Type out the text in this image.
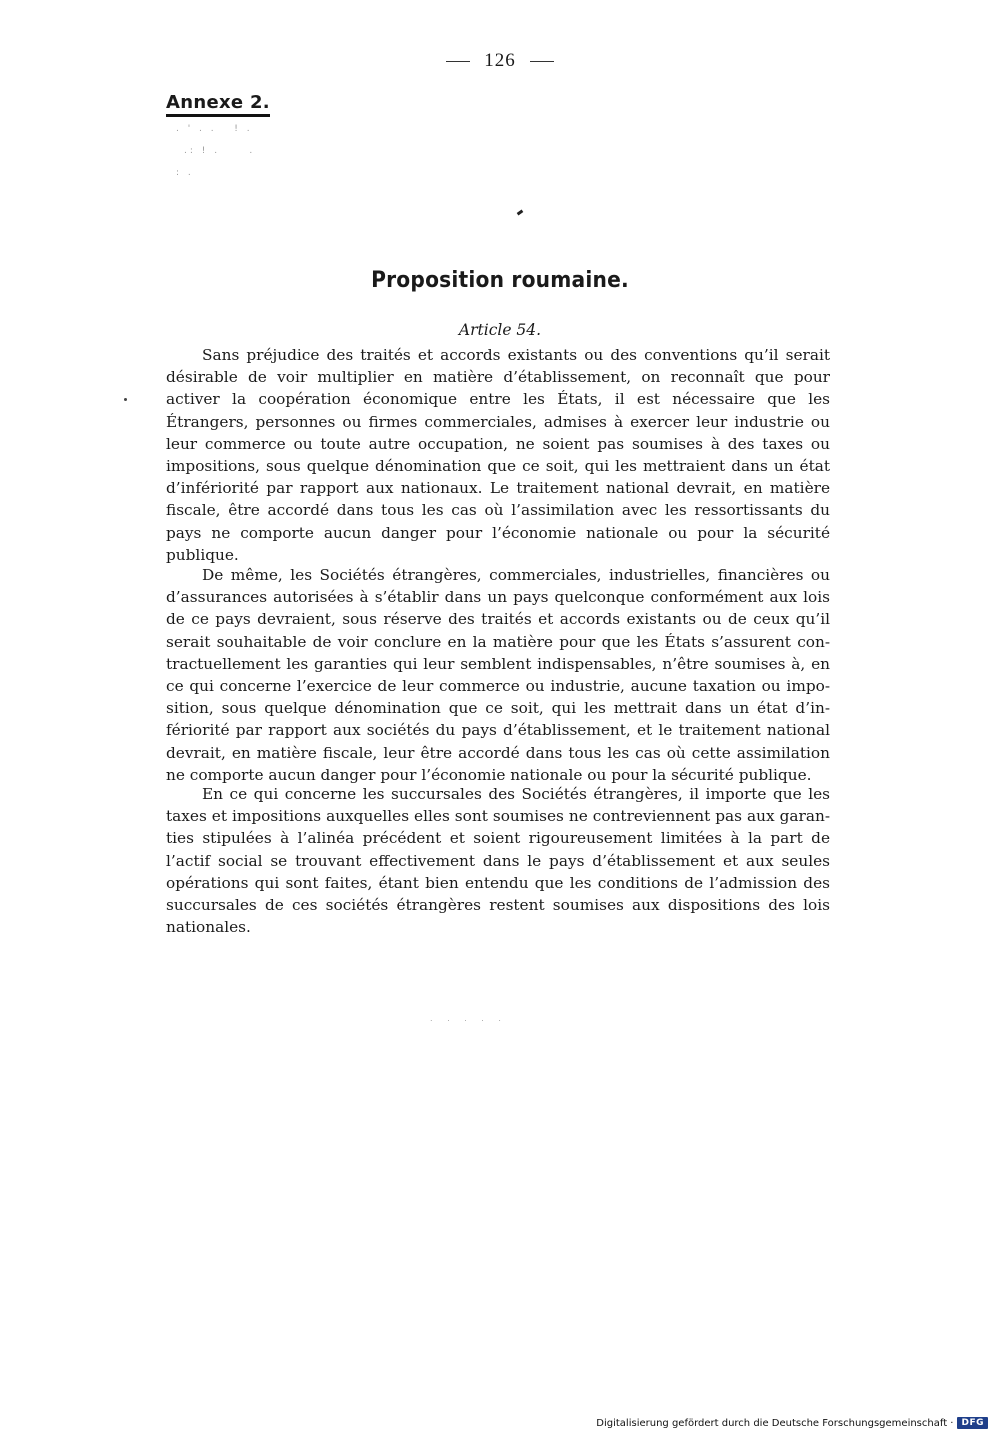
126
Annexe 2.
. ' . .   ! .
.: ! .     .
: .
Proposition roumaine.
Article 54.

Sans préjudice des traités et accords existants ou des conventions qu’il serait désirable de voir multiplier en matière d’établissement, on reconnaît que pour activer la coopération économique entre les États, il est nécessaire que les Étrangers, personnes ou firmes commerciales, admises à exercer leur industrie ou leur commerce ou toute autre occupation, ne soient pas soumises à des taxes ou impositions, sous quelque dénomination que ce soit, qui les mettraient dans un état d’infériorité par rapport aux nationaux. Le traitement national devrait, en matière fiscale, être accordé dans tous les cas où l’assimilation avec les ressortissants du pays ne comporte aucun danger pour l’économie nationale ou pour la sécurité publique.

De même, les Sociétés étrangères, commerciales, industrielles, financières ou d’assurances autorisées à s’établir dans un pays quelconque conformément aux lois de ce pays devraient, sous réserve des traités et accords existants ou de ceux qu’il serait souhaitable de voir conclure en la matière pour que les États s’assurent contractuellement les garanties qui leur semblent indispensables, n’être soumises à, en ce qui concerne l’exercice de leur commerce ou industrie, aucune taxation ou imposition, sous quelque dénomination que ce soit, qui les mettrait dans un état d’infériorité par rapport aux sociétés du pays d’établissement, et le traitement national devrait, en matière fiscale, leur être accordé dans tous les cas où cette assimilation ne comporte aucun danger pour l’économie nationale ou pour la sécurité publique.

En ce qui concerne les succursales des Sociétés étrangères, il importe que les taxes et impositions auxquelles elles sont soumises ne contreviennent pas aux garanties stipulées à l’alinéa précédent et soient rigoureusement limitées à la part de l’actif social se trouvant effectivement dans le pays d’établissement et aux seules opérations qui sont faites, étant bien entendu que les conditions de l’admission des succursales de ces sociétés étrangères restent soumises aux dispositions des lois nationales.

. . . . .
Digitalisierung gefördert durch die Deutsche Forschungsgemeinschaft · DFG
